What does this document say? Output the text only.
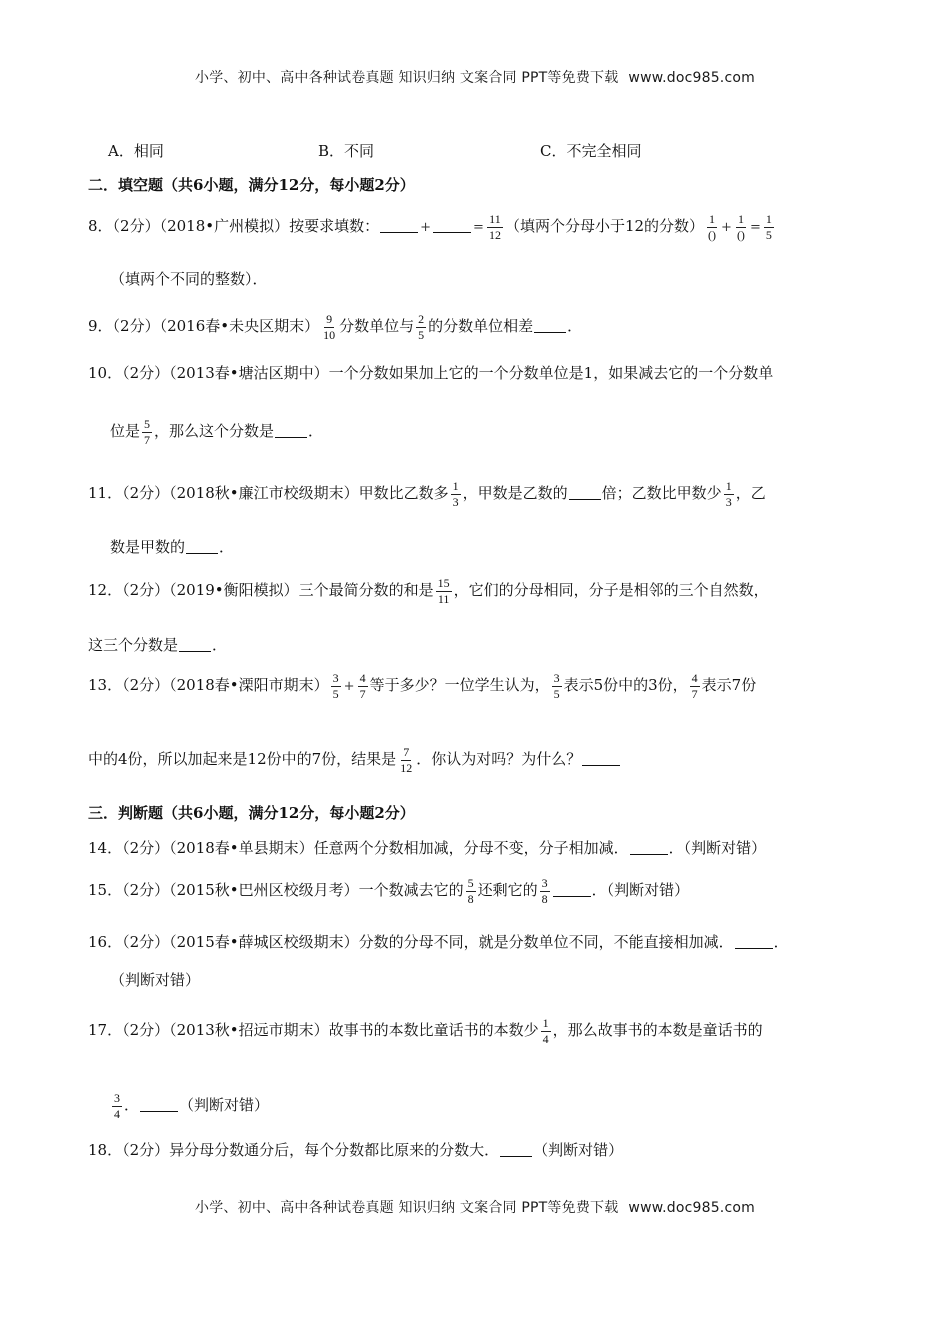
小学、初中、高中各种试卷真题 知识归纳 文案合同 PPT等免费下载 www.doc985.com
A．相同	B．不同	C．不完全相同
二．填空题（共6小题，满分12分，每小题2分）
8．（2分）（2018•广州模拟）按要求填数：	+	= $\frac{11}{12}$ （填两个分母小于12的分数） $\frac{1}{()} + \frac{1}{()} = \frac{1}{5}$
（填两个不同的整数）．
9．（2分）（2016春•未央区期末） $\frac{9}{10}$ 分数单位与 $\frac{2}{5}$ 的分数单位相差 ．
10．（2分）（2013春•塘沽区期中）一个分数如果加上它的一个分数单位是1，如果减去它的一个分数单
位是 $\frac{5}{7}$ ，那么这个分数是 ．
11．（2分）（2018秋•廉江市校级期末）甲数比乙数多 $\frac{1}{3}$ ，甲数是乙数的 倍；乙数比甲数少 $\frac{1}{3}$ ，乙
数是甲数的 ．
12．（2分）（2019•衡阳模拟）三个最简分数的和是 $\frac{15}{11}$ ，它们的分母相同，分子是相邻的三个自然数，
这三个分数是 ．
13．（2分）（2018春•溧阳市期末） $\frac{3}{5} + \frac{4}{7}$ 等于多少？一位学生认为， $\frac{3}{5}$ 表示5份中的3份， $\frac{4}{7}$ 表示7份
中的4份，所以加起来是12份中的7份，结果是 $\frac{7}{12}$ ．你认为对吗？为什么？
三．判断题（共6小题，满分12分，每小题2分）
14．（2分）（2018春•单县期末）任意两个分数相加减，分母不变，分子相加减．	．（判断对错）
15．（2分）（2015秋•巴州区校级月考）一个数减去它的 $\frac{5}{8}$ 还剩它的 $\frac{3}{8}$	．（判断对错）
16．（2分）（2015春•薛城区校级期末）分数的分母不同，就是分数单位不同，不能直接相加减．	．
（判断对错）
17．（2分）（2013秋•招远市期末）故事书的本数比童话书的本数少 $\frac{1}{4}$ ，那么故事书的本数是童话书的
$\frac{3}{4}$ ．	（判断对错）
18．（2分）异分母分数通分后，每个分数都比原来的分数大． （判断对错）
小学、初中、高中各种试卷真题 知识归纳 文案合同 PPT等免费下载 www.doc985.com
